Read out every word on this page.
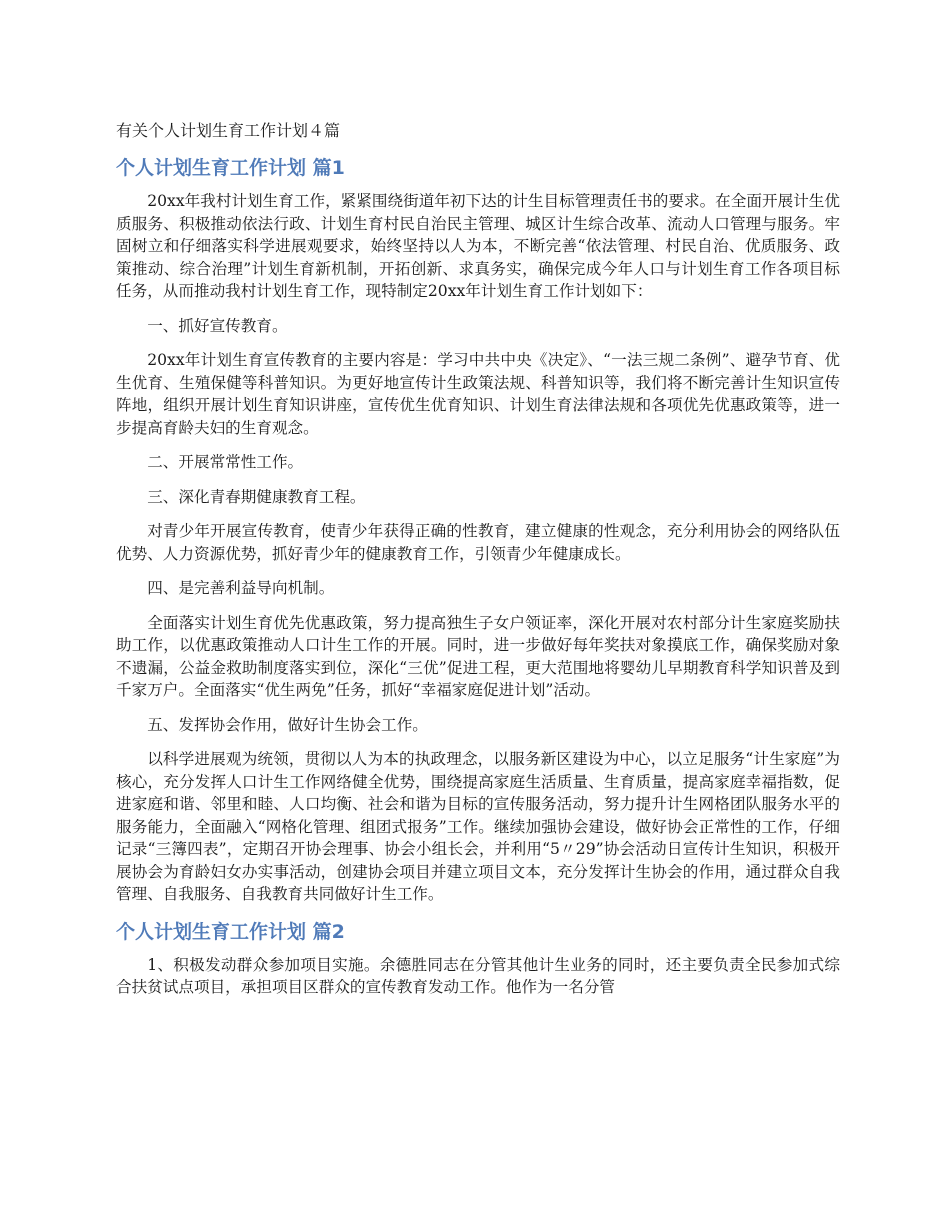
有关个人计划生育工作计划４篇
个人计划生育工作计划 篇1

20xx年我村计划生育工作，紧紧围绕街道年初下达的计生目标管理责任书的要求。在全面开展计生优质服务、积极推动依法行政、计划生育村民自治民主管理、城区计生综合改革、流动人口管理与服务。牢固树立和仔细落实科学进展观要求，始终坚持以人为本，不断完善“依法管理、村民自治、优质服务、政策推动、综合治理”计划生育新机制，开拓创新、求真务实，确保完成今年人口与计划生育工作各项目标任务，从而推动我村计划生育工作，现特制定20xx年计划生育工作计划如下：

一、抓好宣传教育。

20xx年计划生育宣传教育的主要内容是：学习中共中央《决定》、“一法三规二条例”、避孕节育、优生优育、生殖保健等科普知识。为更好地宣传计生政策法规、科普知识等，我们将不断完善计生知识宣传阵地，组织开展计划生育知识讲座，宣传优生优育知识、计划生育法律法规和各项优先优惠政策等，进一步提高育龄夫妇的生育观念。

二、开展常常性工作。

三、深化青春期健康教育工程。

对青少年开展宣传教育，使青少年获得正确的性教育，建立健康的性观念，充分利用协会的网络队伍优势、人力资源优势，抓好青少年的健康教育工作，引领青少年健康成长。

四、是完善利益导向机制。

全面落实计划生育优先优惠政策，努力提高独生子女户领证率，深化开展对农村部分计生家庭奖励扶助工作，以优惠政策推动人口计生工作的开展。同时，进一步做好每年奖扶对象摸底工作，确保奖励对象不遗漏，公益金救助制度落实到位，深化“三优”促进工程，更大范围地将婴幼儿早期教育科学知识普及到千家万户。全面落实“优生两免”任务，抓好“幸福家庭促进计划”活动。

五、发挥协会作用，做好计生协会工作。

以科学进展观为统领，贯彻以人为本的执政理念，以服务新区建设为中心，以立足服务“计生家庭”为核心，充分发挥人口计生工作网络健全优势，围绕提高家庭生活质量、生育质量，提高家庭幸福指数，促进家庭和谐、邻里和睦、人口均衡、社会和谐为目标的宣传服务活动，努力提升计生网格团队服务水平的服务能力，全面融入“网格化管理、组团式报务”工作。继续加强协会建设，做好协会正常性的工作，仔细记录“三簿四表”，定期召开协会理事、协会小组长会，并利用“5〃29”协会活动日宣传计生知识，积极开展协会为育龄妇女办实事活动，创建协会项目并建立项目文本，充分发挥计生协会的作用，通过群众自我管理、自我服务、自我教育共同做好计生工作。

个人计划生育工作计划 篇2

1、积极发动群众参加项目实施。余德胜同志在分管其他计生业务的同时，还主要负责全民参加式综合扶贫试点项目，承担项目区群众的宣传教育发动工作。他作为一名分管
